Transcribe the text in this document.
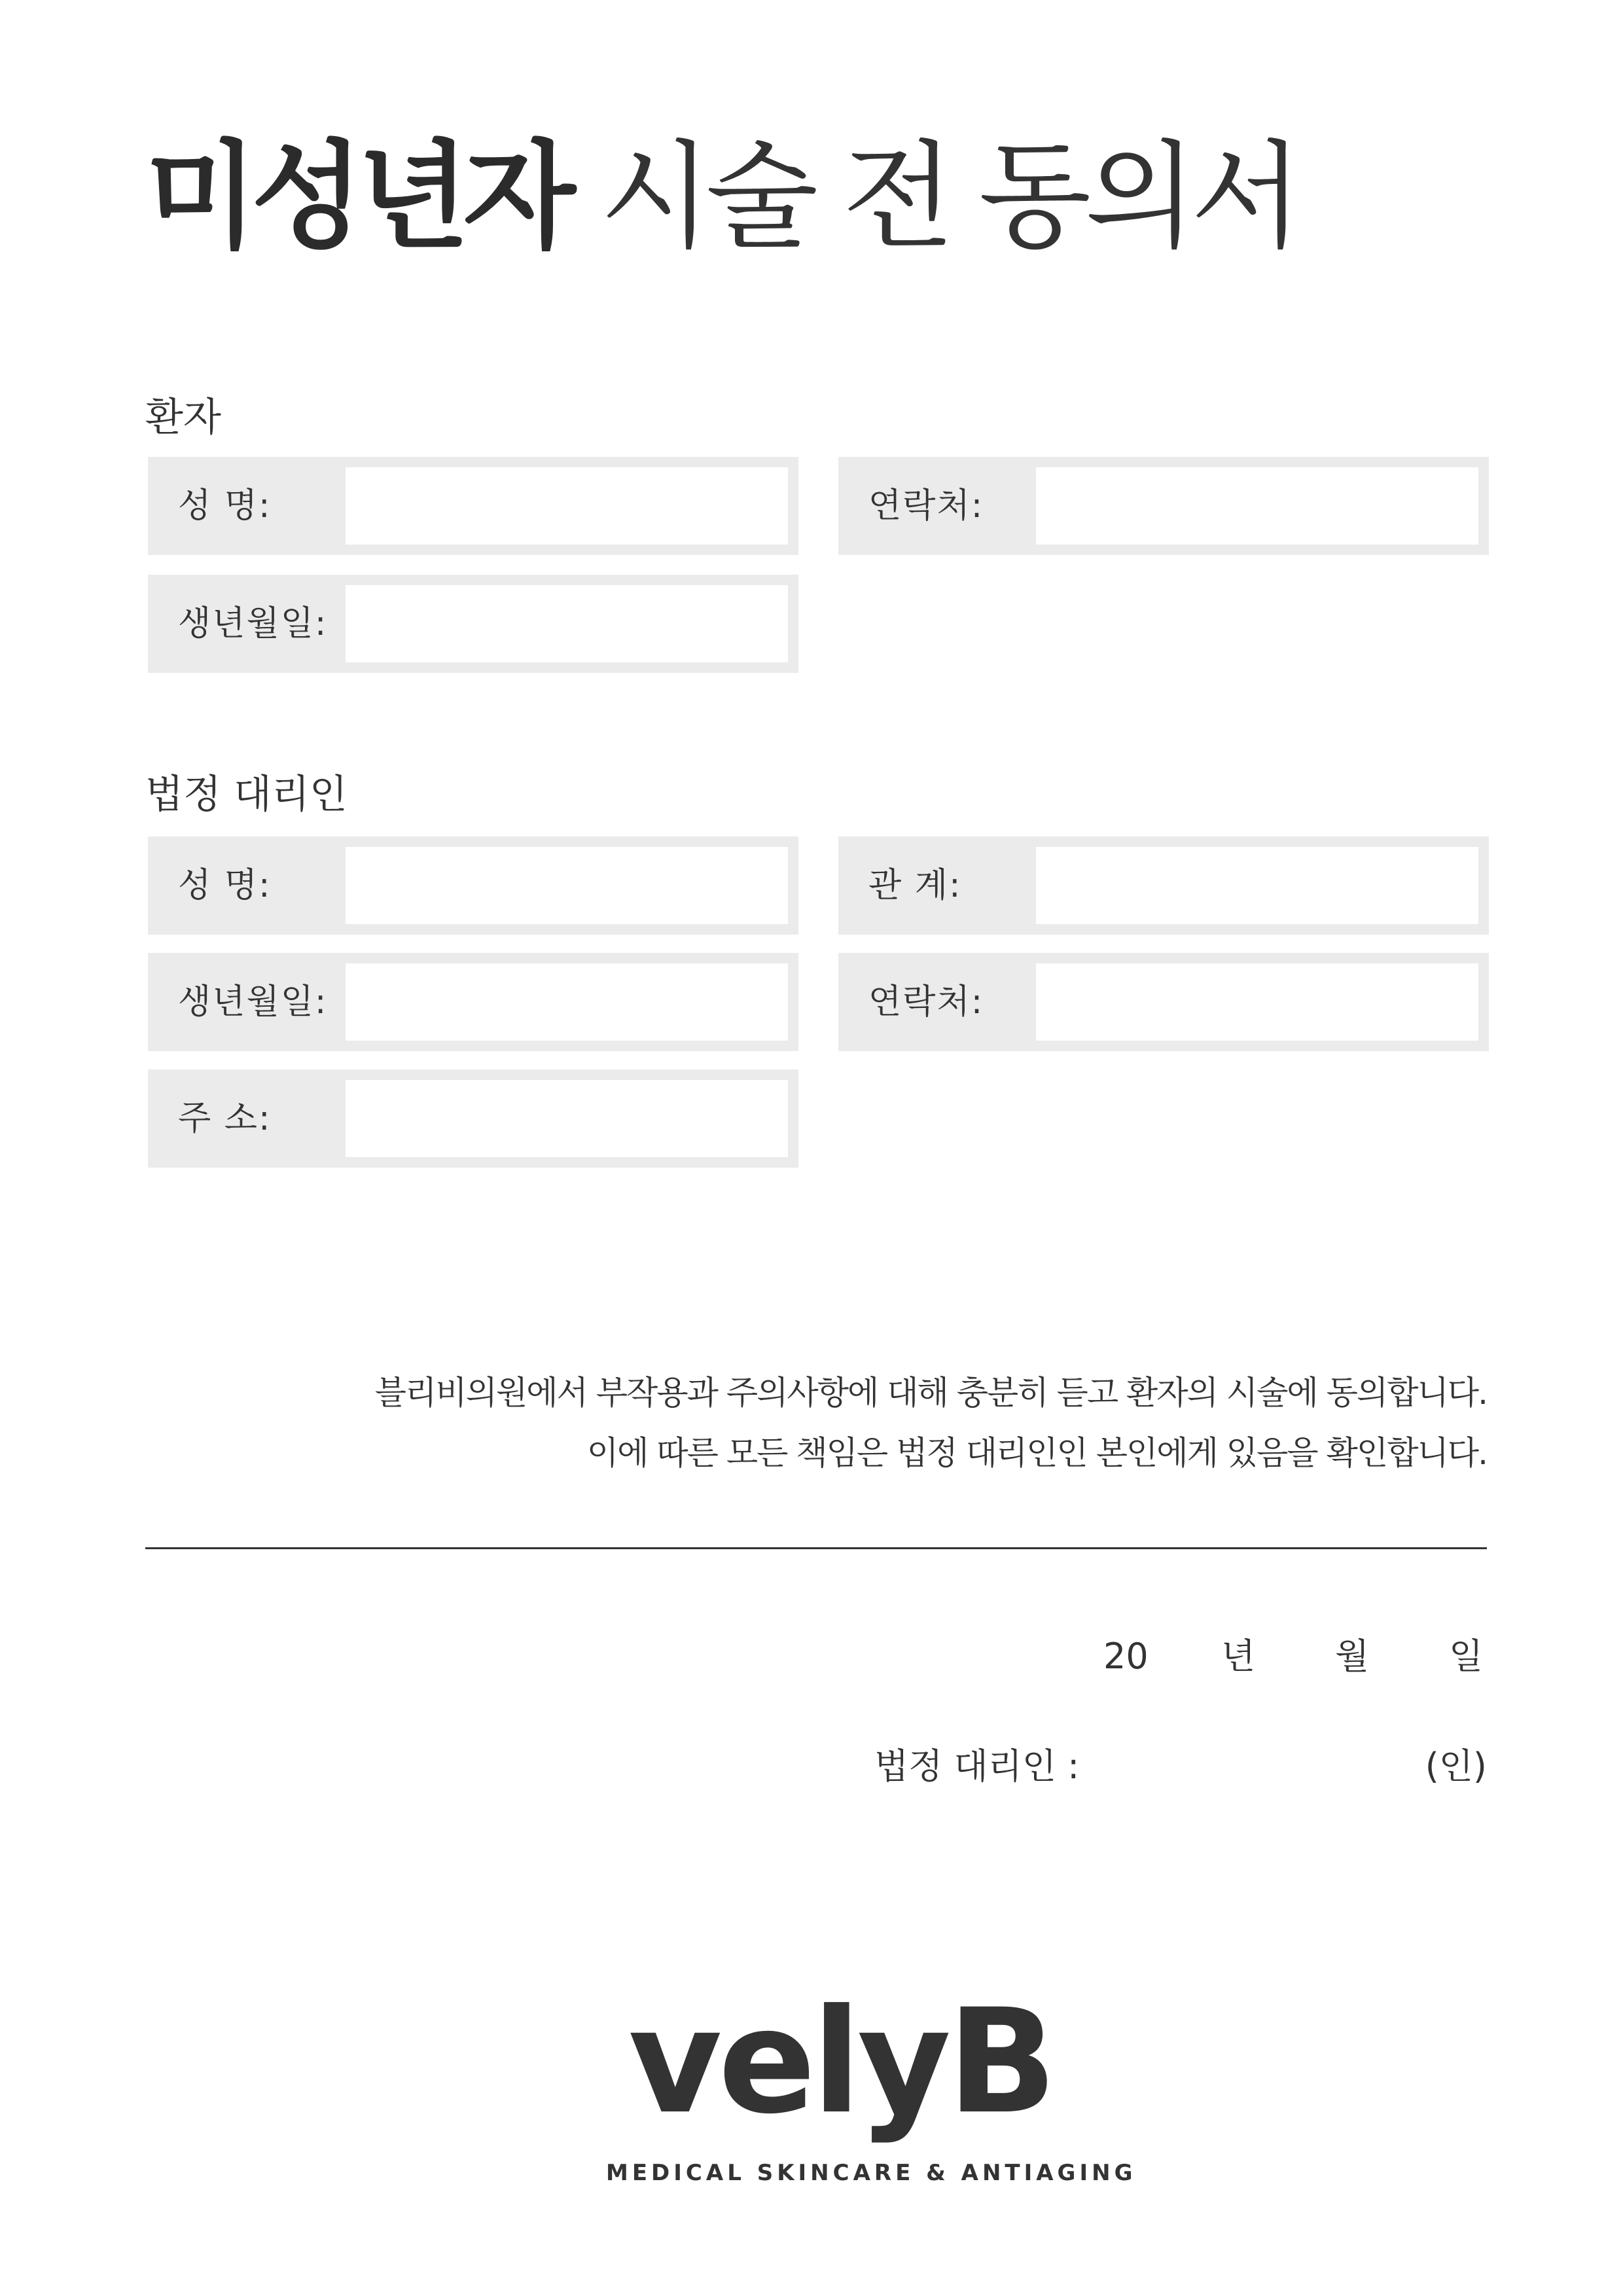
미성년자 시술 전 동의서
환자
성 명:	연락처:
생년월일:
법정 대리인
성 명:	관 계:
생년월일:	연락처:
주 소:
블리비의원에서 부작용과 주의사항에 대해 충분히 듣고 환자의 시술에 동의합니다.
이에 따른 모든 책임은 법정 대리인인 본인에게 있음을 확인합니다.
20 년 월 일
법정 대리인 :	(인)
velyB
MEDICAL SKINCARE & ANTIAGING
